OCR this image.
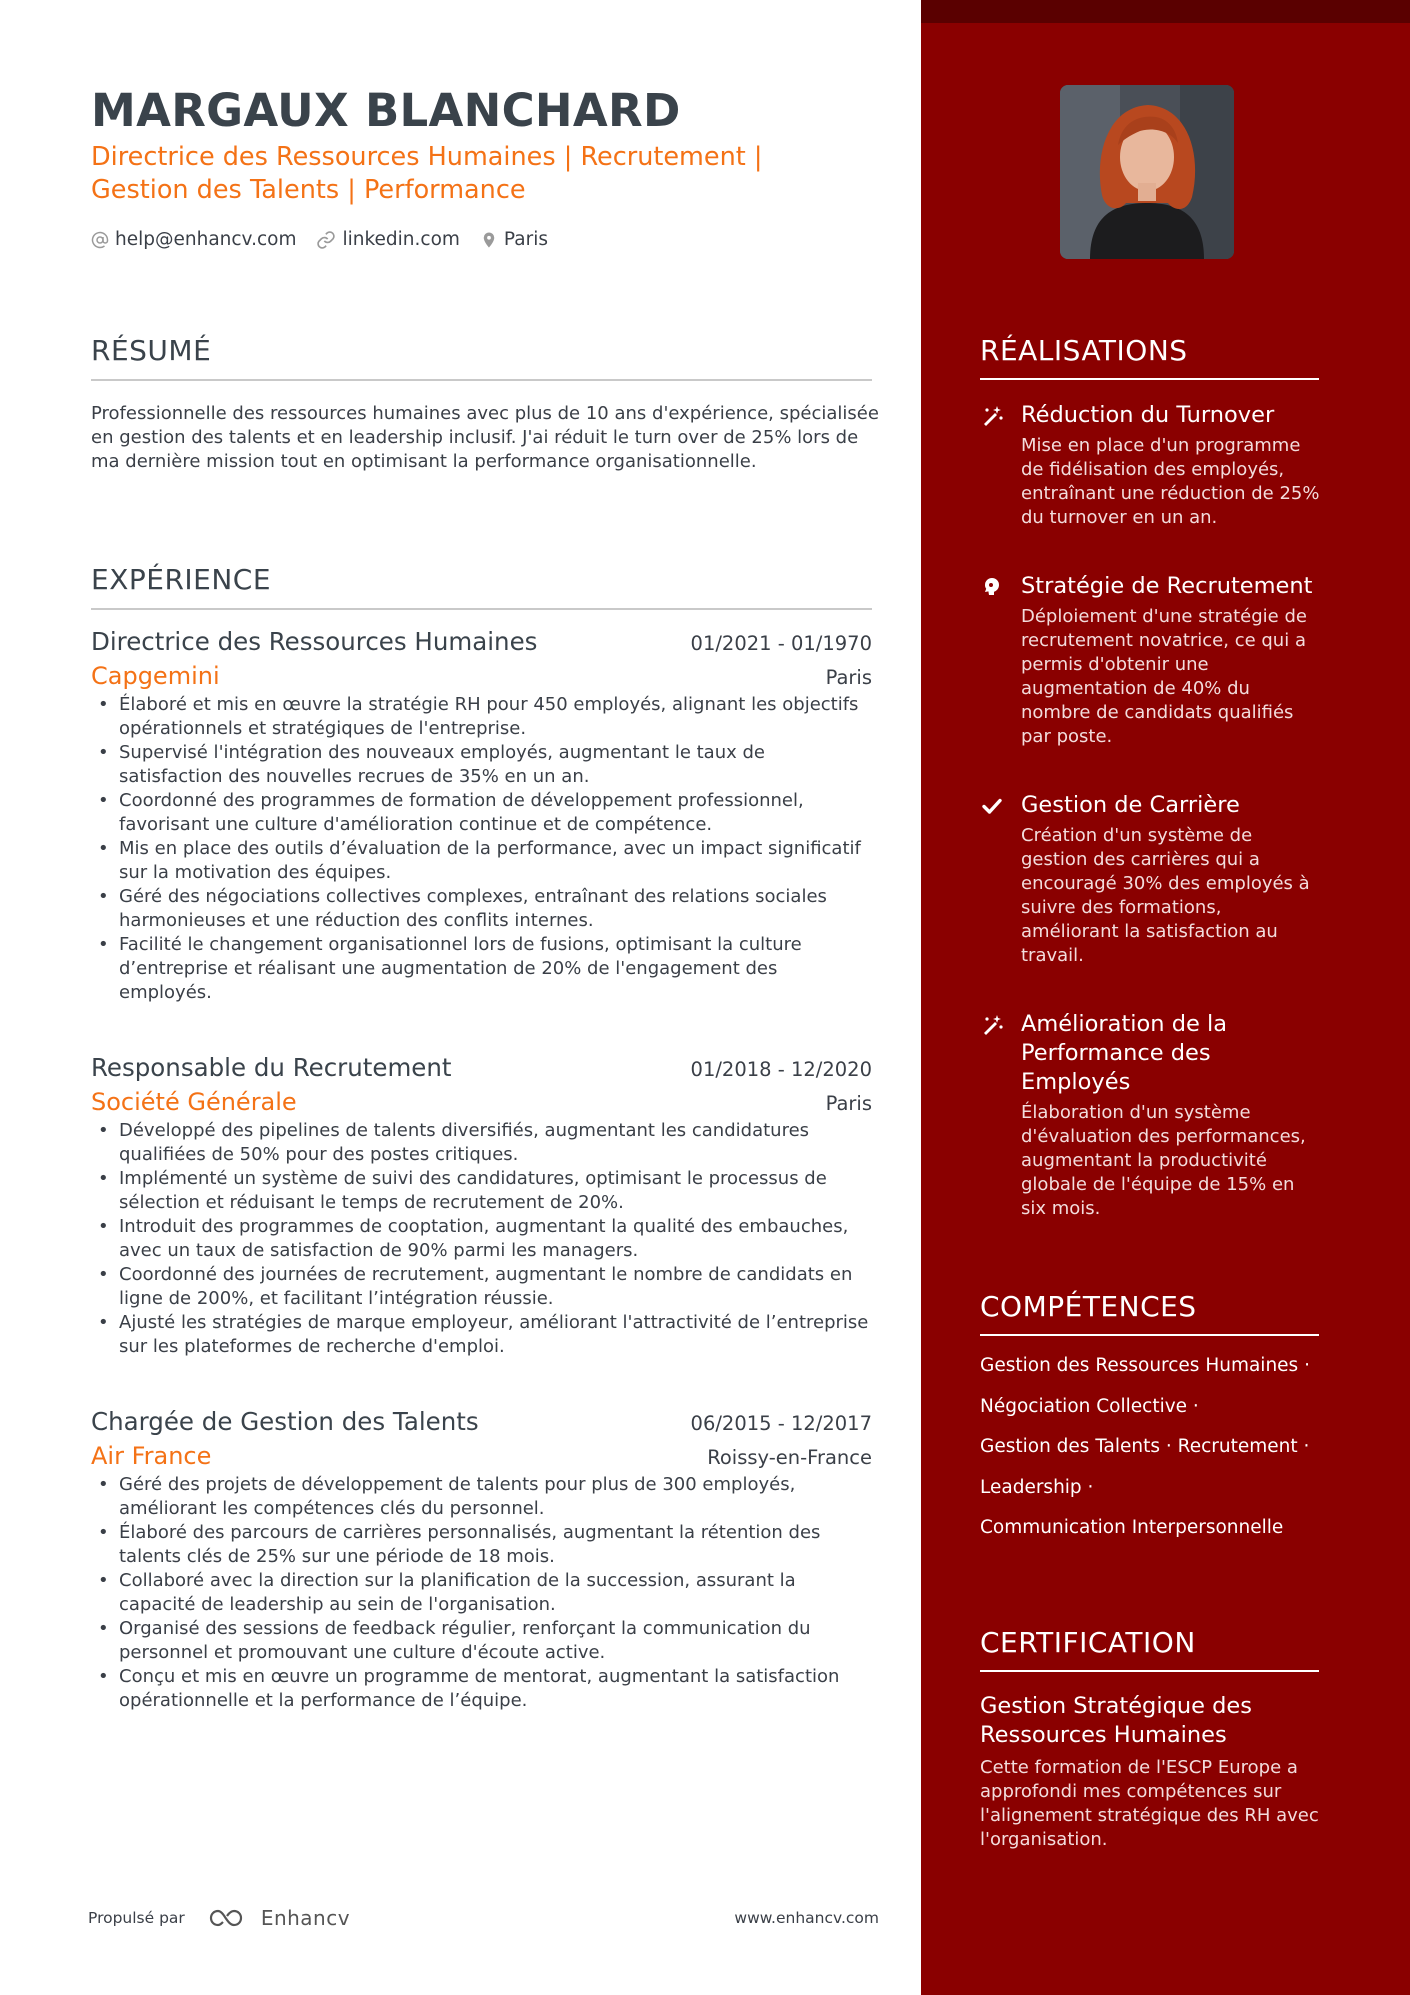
MARGAUX BLANCHARD
Directrice des Ressources Humaines | Recrutement |
Gestion des Talents | Performance
help@enhancv.com linkedin.com Paris
RÉSUMÉ
Professionnelle des ressources humaines avec plus de 10 ans d'expérience, spécialisée en gestion des talents et en leadership inclusif. J'ai réduit le turn over de 25% lors de ma dernière mission tout en optimisant la performance organisationnelle.
EXPÉRIENCE
Directrice des Ressources Humaines	01/2021 - 01/1970
Capgemini	Paris
• Élaboré et mis en œuvre la stratégie RH pour 450 employés, alignant les objectifs opérationnels et stratégiques de l'entreprise.
• Supervisé l'intégration des nouveaux employés, augmentant le taux de satisfaction des nouvelles recrues de 35% en un an.
• Coordonné des programmes de formation de développement professionnel, favorisant une culture d'amélioration continue et de compétence.
• Mis en place des outils d’évaluation de la performance, avec un impact significatif sur la motivation des équipes.
• Géré des négociations collectives complexes, entraînant des relations sociales harmonieuses et une réduction des conflits internes.
• Facilité le changement organisationnel lors de fusions, optimisant la culture d’entreprise et réalisant une augmentation de 20% de l'engagement des employés.
Responsable du Recrutement	01/2018 - 12/2020
Société Générale	Paris
• Développé des pipelines de talents diversifiés, augmentant les candidatures qualifiées de 50% pour des postes critiques.
• Implémenté un système de suivi des candidatures, optimisant le processus de sélection et réduisant le temps de recrutement de 20%.
• Introduit des programmes de cooptation, augmentant la qualité des embauches, avec un taux de satisfaction de 90% parmi les managers.
• Coordonné des journées de recrutement, augmentant le nombre de candidats en ligne de 200%, et facilitant l’intégration réussie.
• Ajusté les stratégies de marque employeur, améliorant l'attractivité de l’entreprise sur les plateformes de recherche d'emploi.
Chargée de Gestion des Talents	06/2015 - 12/2017
Air France	Roissy-en-France
• Géré des projets de développement de talents pour plus de 300 employés, améliorant les compétences clés du personnel.
• Élaboré des parcours de carrières personnalisés, augmentant la rétention des talents clés de 25% sur une période de 18 mois.
• Collaboré avec la direction sur la planification de la succession, assurant la capacité de leadership au sein de l'organisation.
• Organisé des sessions de feedback régulier, renforçant la communication du personnel et promouvant une culture d'écoute active.
• Conçu et mis en œuvre un programme de mentorat, augmentant la satisfaction opérationnelle et la performance de l’équipe.
Propulsé par	Enhancv	www.enhancv.com
RÉALISATIONS
Réduction du Turnover
Mise en place d'un programme de fidélisation des employés, entraînant une réduction de 25% du turnover en un an.
Stratégie de Recrutement
Déploiement d'une stratégie de recrutement novatrice, ce qui a permis d'obtenir une augmentation de 40% du nombre de candidats qualifiés par poste.
Gestion de Carrière
Création d'un système de gestion des carrières qui a encouragé 30% des employés à suivre des formations, améliorant la satisfaction au travail.
Amélioration de la Performance des Employés
Élaboration d'un système d'évaluation des performances, augmentant la productivité globale de l'équipe de 15% en six mois.
COMPÉTENCES
Gestion des Ressources Humaines ·
Négociation Collective ·
Gestion des Talents · Recrutement ·
Leadership ·
Communication Interpersonnelle
CERTIFICATION
Gestion Stratégique des Ressources Humaines
Cette formation de l'ESCP Europe a approfondi mes compétences sur l'alignement stratégique des RH avec l'organisation.
